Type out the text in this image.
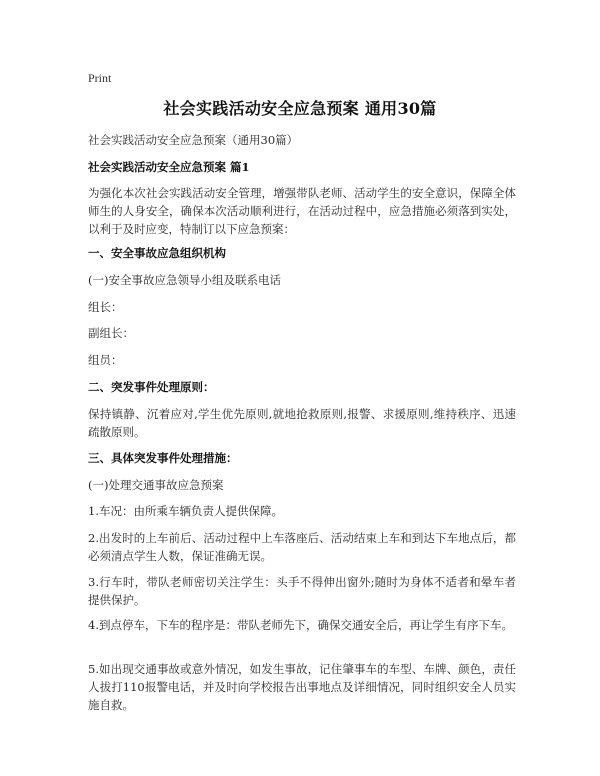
Print
社会实践活动安全应急预案 通用30篇
社会实践活动安全应急预案（通用30篇）
社会实践活动安全应急预案 篇1
为强化本次社会实践活动安全管理，增强带队老师、活动学生的安全意识，保障全体师生的人身安全，确保本次活动顺利进行，在活动过程中，应急措施必须落到实处，以利于及时应变，特制订以下应急预案：
一、安全事故应急组织机构
(一)安全事故应急领导小组及联系电话
组长：
副组长：
组员：
二、突发事件处理原则：
保持镇静、沉着应对,学生优先原则,就地抢救原则,报警、求援原则,维持秩序、迅速疏散原则。
三、具体突发事件处理措施：
(一)处理交通事故应急预案
1.车况：由所乘车辆负责人提供保障。
2.出发时的上车前后、活动过程中上车落座后、活动结束上车和到达下车地点后，都必须清点学生人数，保证准确无误。
3.行车时，带队老师密切关注学生：头手不得伸出窗外;随时为身体不适者和晕车者提供保护。
4.到点停车，下车的程序是：带队老师先下，确保交通安全后，再让学生有序下车。
5.如出现交通事故或意外情况，如发生事故，记住肇事车的车型、车牌、颜色，责任人拔打110报警电话，并及时向学校报告出事地点及详细情况，同时组织安全人员实施自救。
